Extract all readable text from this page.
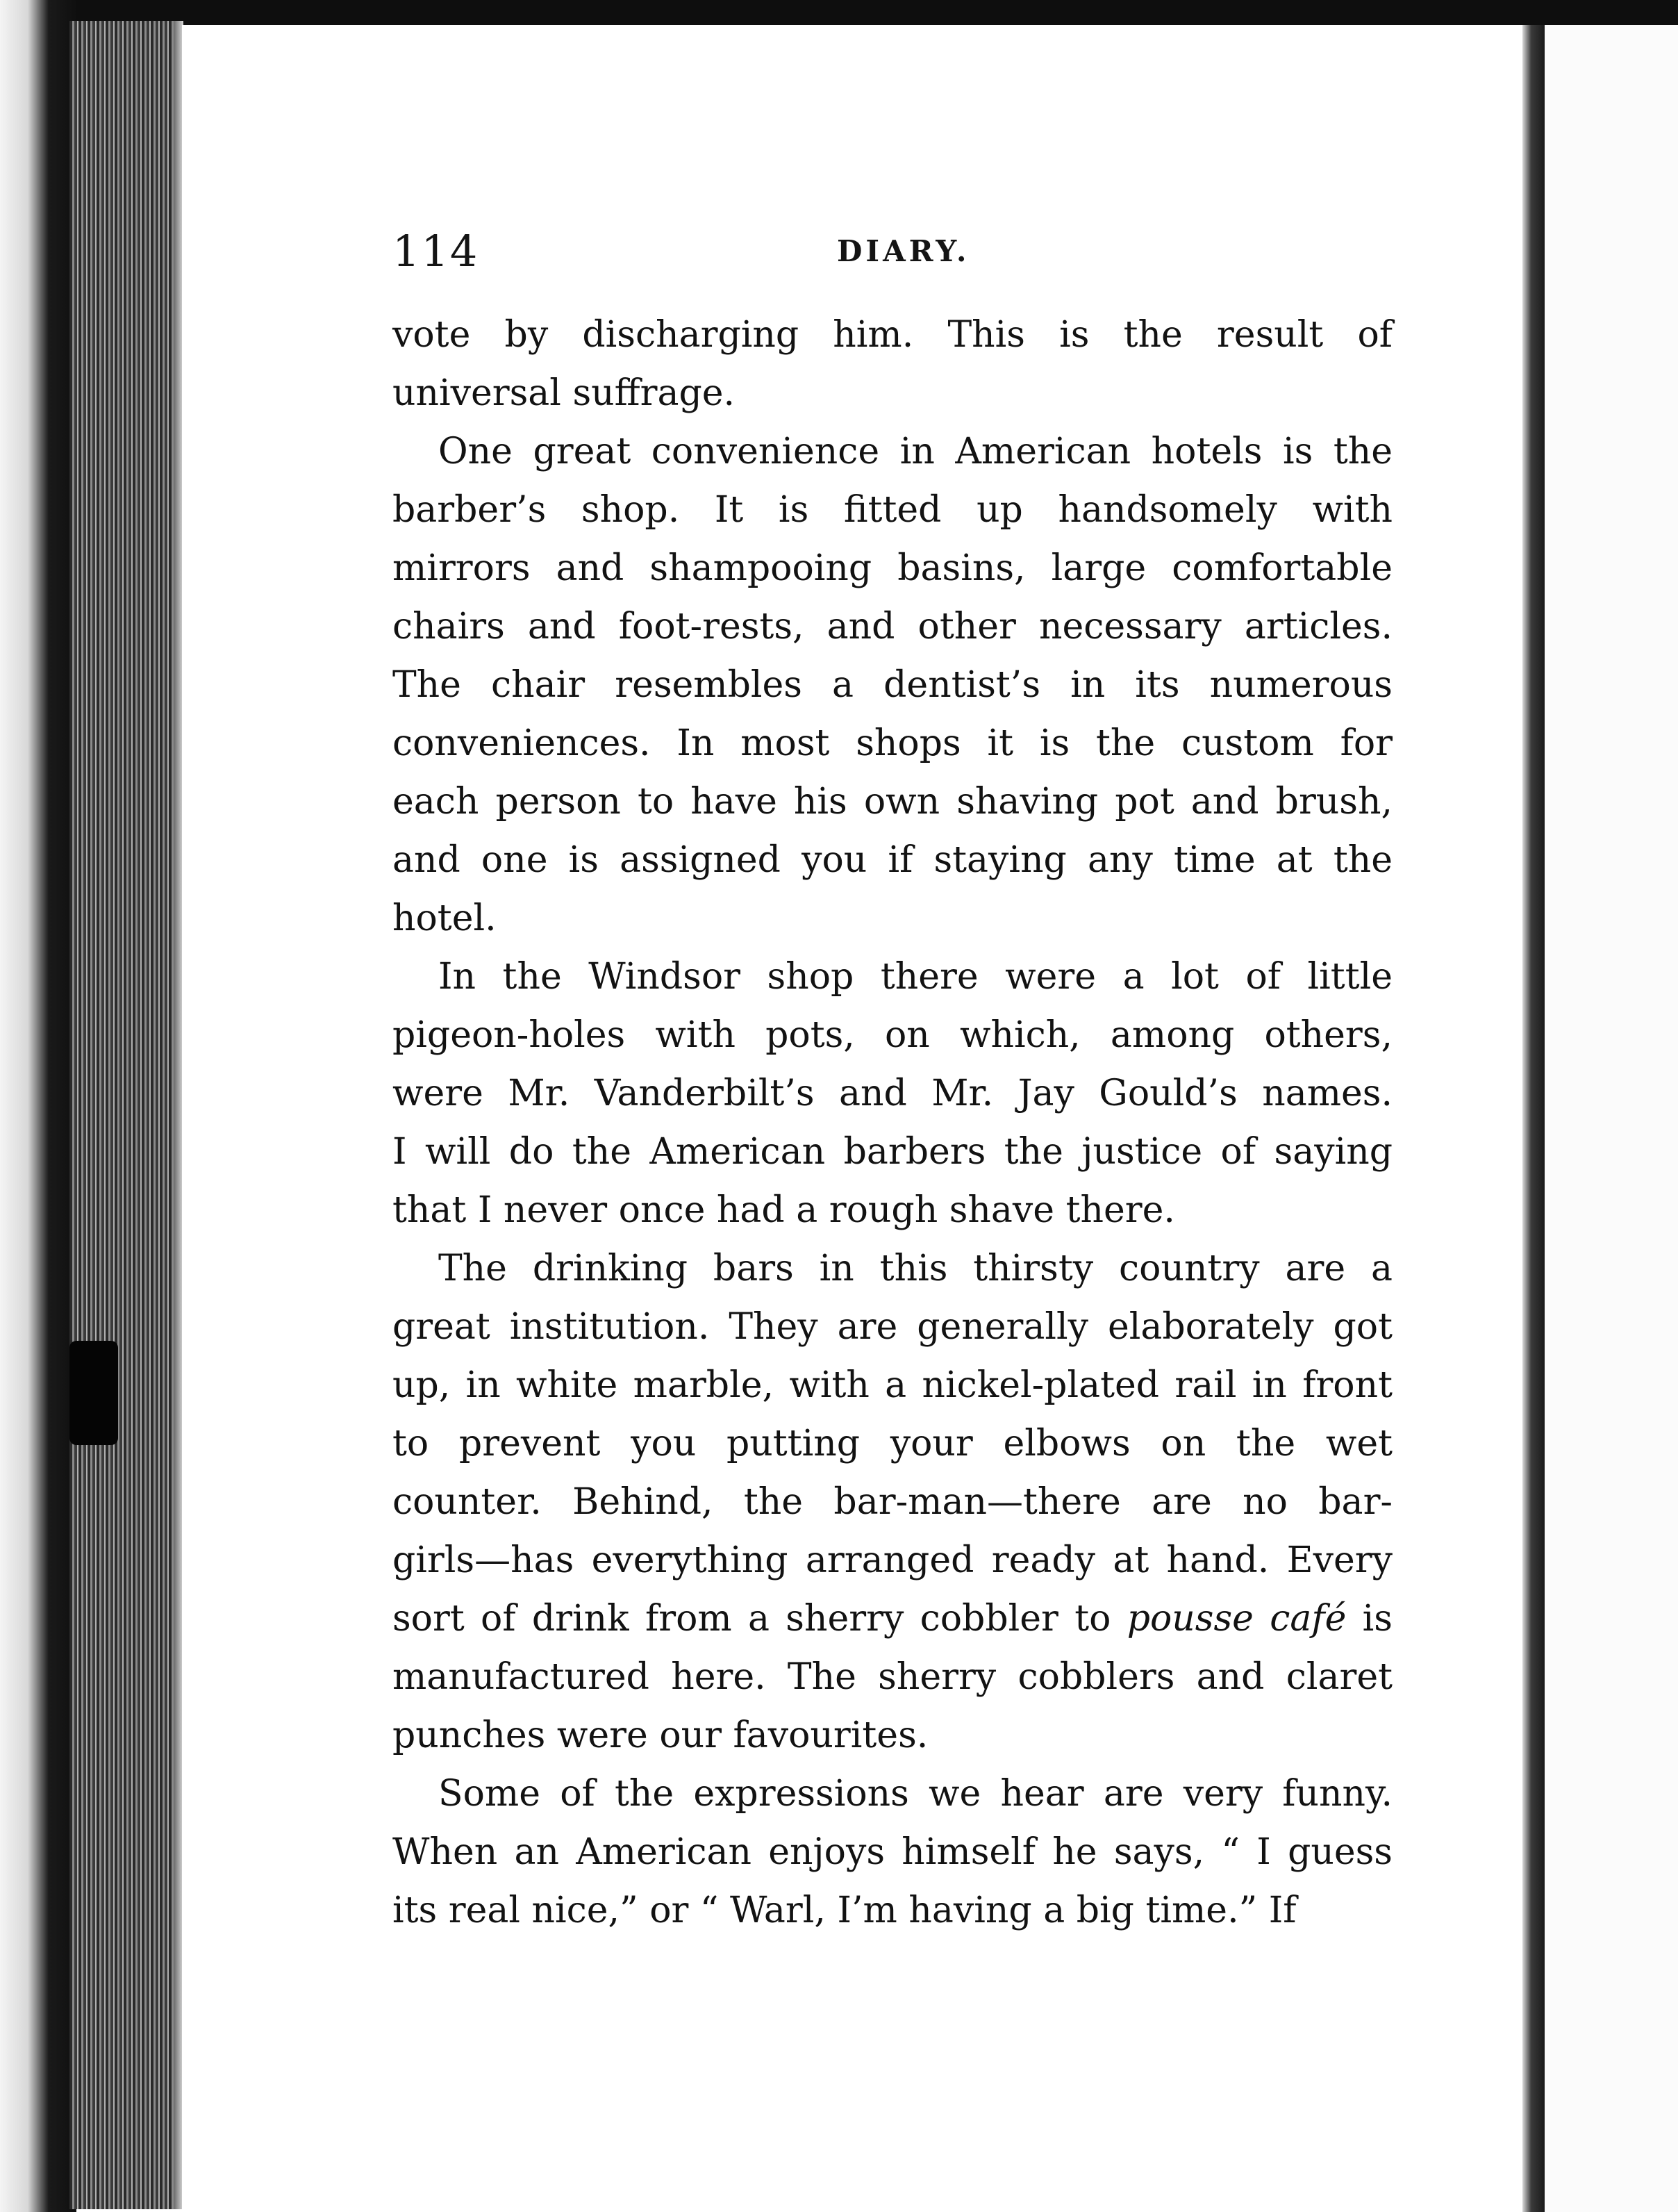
114	DIARY.
vote by discharging him. This is the result of
universal suffrage.
One great convenience in American hotels is the
barber’s shop. It is fitted up handsomely with
mirrors and shampooing basins, large comfortable
chairs and foot-rests, and other necessary articles.
The chair resembles a dentist’s in its numerous
conveniences. In most shops it is the custom for
each person to have his own shaving pot and brush,
and one is assigned you if staying any time at the
hotel.
In the Windsor shop there were a lot of little
pigeon-holes with pots, on which, among others,
were Mr. Vanderbilt’s and Mr. Jay Gould’s names.
I will do the American barbers the justice of saying
that I never once had a rough shave there.
The drinking bars in this thirsty country are a
great institution. They are generally elaborately got
up, in white marble, with a nickel-plated rail in front
to prevent you putting your elbows on the wet
counter. Behind, the bar-man—there are no bar-
girls—has everything arranged ready at hand. Every
sort of drink from a sherry cobbler to pousse café is
manufactured here. The sherry cobblers and claret
punches were our favourites.
Some of the expressions we hear are very funny.
When an American enjoys himself he says, “ I guess
its real nice,” or “ Warl, I’m having a big time.” If
